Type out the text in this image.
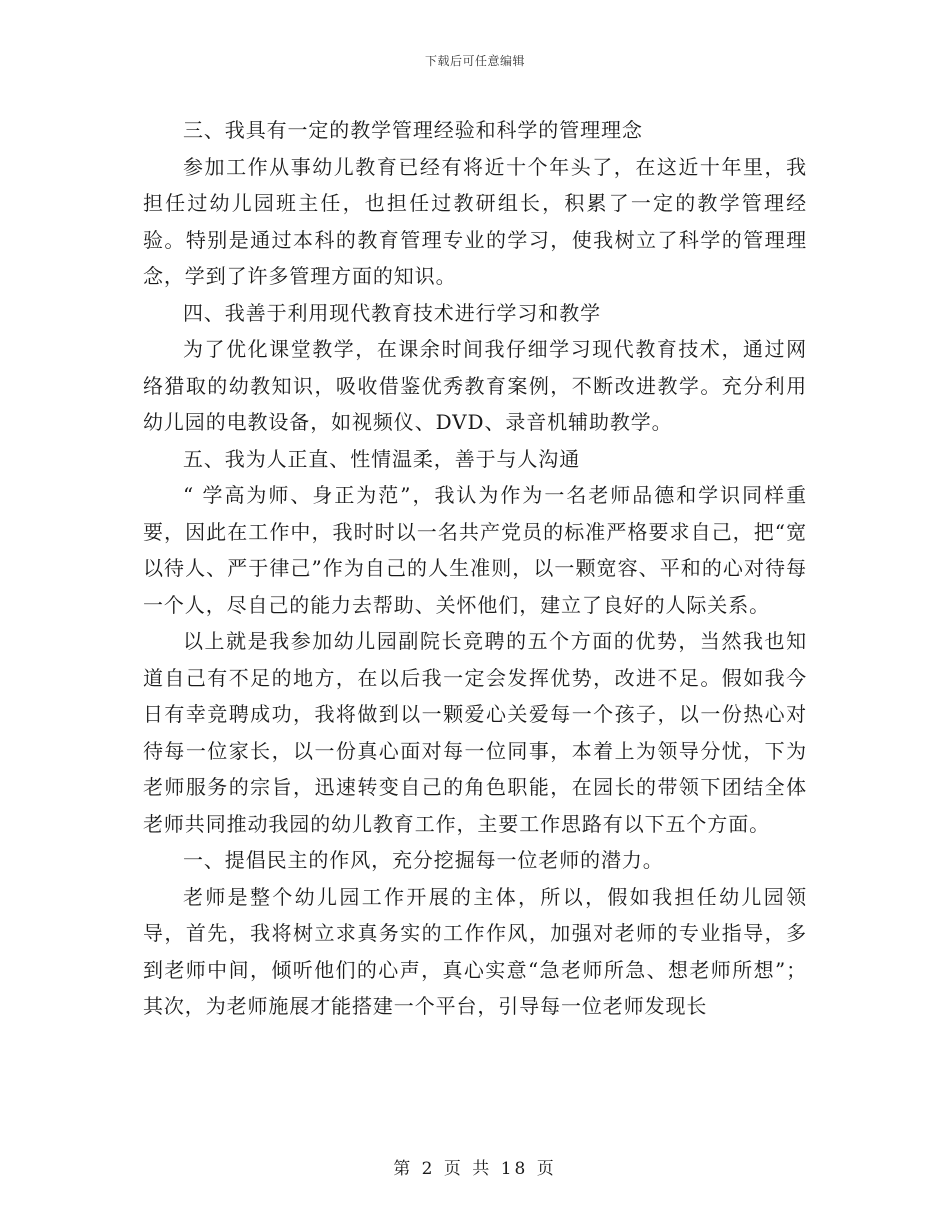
下载后可任意编辑

三、我具有一定的教学管理经验和科学的管理理念

参加工作从事幼儿教育已经有将近十个年头了，在这近十年里，我担任过幼儿园班主任，也担任过教研组长，积累了一定的教学管理经验。特别是通过本科的教育管理专业的学习，使我树立了科学的管理理念，学到了许多管理方面的知识。

四、我善于利用现代教育技术进行学习和教学

为了优化课堂教学，在课余时间我仔细学习现代教育技术，通过网络猎取的幼教知识，吸收借鉴优秀教育案例，不断改进教学。充分利用幼儿园的电教设备，如视频仪、DVD、录音机辅助教学。

五、我为人正直、性情温柔，善于与人沟通

“ 学高为师、身正为范”，我认为作为一名老师品德和学识同样重要，因此在工作中，我时时以一名共产党员的标准严格要求自己，把“宽以待人、严于律己”作为自己的人生准则，以一颗宽容、平和的心对待每一个人，尽自己的能力去帮助、关怀他们，建立了良好的人际关系。

以上就是我参加幼儿园副院长竞聘的五个方面的优势，当然我也知道自己有不足的地方，在以后我一定会发挥优势，改进不足。假如我今日有幸竞聘成功，我将做到以一颗爱心关爱每一个孩子，以一份热心对待每一位家长，以一份真心面对每一位同事，本着上为领导分忧，下为老师服务的宗旨，迅速转变自己的角色职能，在园长的带领下团结全体老师共同推动我园的幼儿教育工作，主要工作思路有以下五个方面。

一、提倡民主的作风，充分挖掘每一位老师的潜力。

老师是整个幼儿园工作开展的主体，所以，假如我担任幼儿园领导，首先，我将树立求真务实的工作作风，加强对老师的专业指导，多到老师中间，倾听他们的心声，真心实意“急老师所急、想老师所想”；其次，为老师施展才能搭建一个平台，引导每一位老师发现长

第 2 页 共 18 页
